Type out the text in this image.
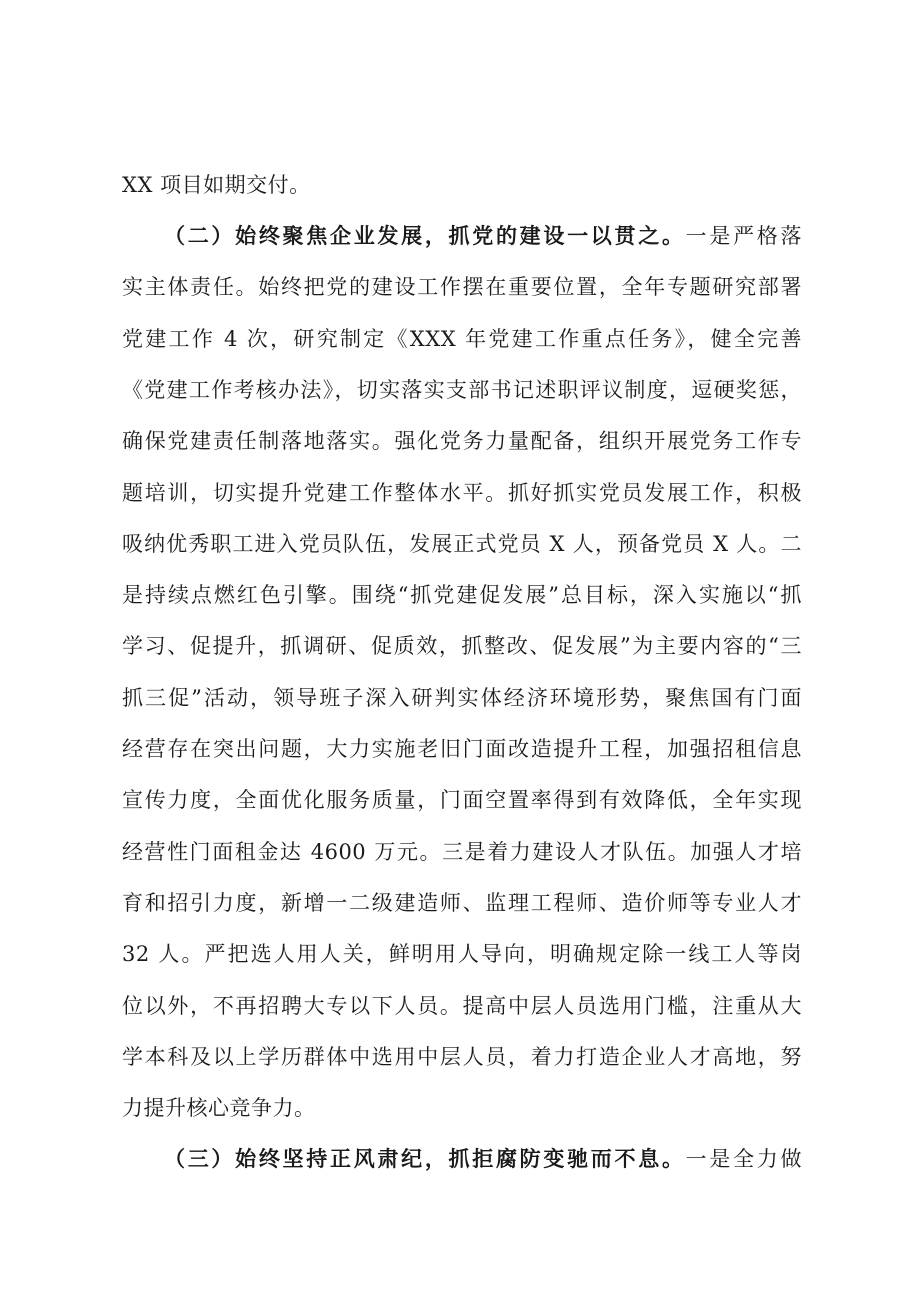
XX 项目如期交付。
（二）始终聚焦企业发展，抓党的建设一以贯之。一是严格落
实主体责任。始终把党的建设工作摆在重要位置，全年专题研究部署
党建工作 4 次，研究制定《XXX 年党建工作重点任务》，健全完善
《党建工作考核办法》，切实落实支部书记述职评议制度，逗硬奖惩，
确保党建责任制落地落实。强化党务力量配备，组织开展党务工作专
题培训，切实提升党建工作整体水平。抓好抓实党员发展工作，积极
吸纳优秀职工进入党员队伍，发展正式党员 X 人，预备党员 X 人。二
是持续点燃红色引擎。围绕“抓党建促发展”总目标，深入实施以“抓
学习、促提升，抓调研、促质效，抓整改、促发展”为主要内容的“三
抓三促”活动，领导班子深入研判实体经济环境形势，聚焦国有门面
经营存在突出问题，大力实施老旧门面改造提升工程，加强招租信息
宣传力度，全面优化服务质量，门面空置率得到有效降低，全年实现
经营性门面租金达 4600 万元。三是着力建设人才队伍。加强人才培
育和招引力度，新增一二级建造师、监理工程师、造价师等专业人才
32 人。严把选人用人关，鲜明用人导向，明确规定除一线工人等岗
位以外，不再招聘大专以下人员。提高中层人员选用门槛，注重从大
学本科及以上学历群体中选用中层人员，着力打造企业人才高地，努
力提升核心竞争力。
（三）始终坚持正风肃纪，抓拒腐防变驰而不息。一是全力做
